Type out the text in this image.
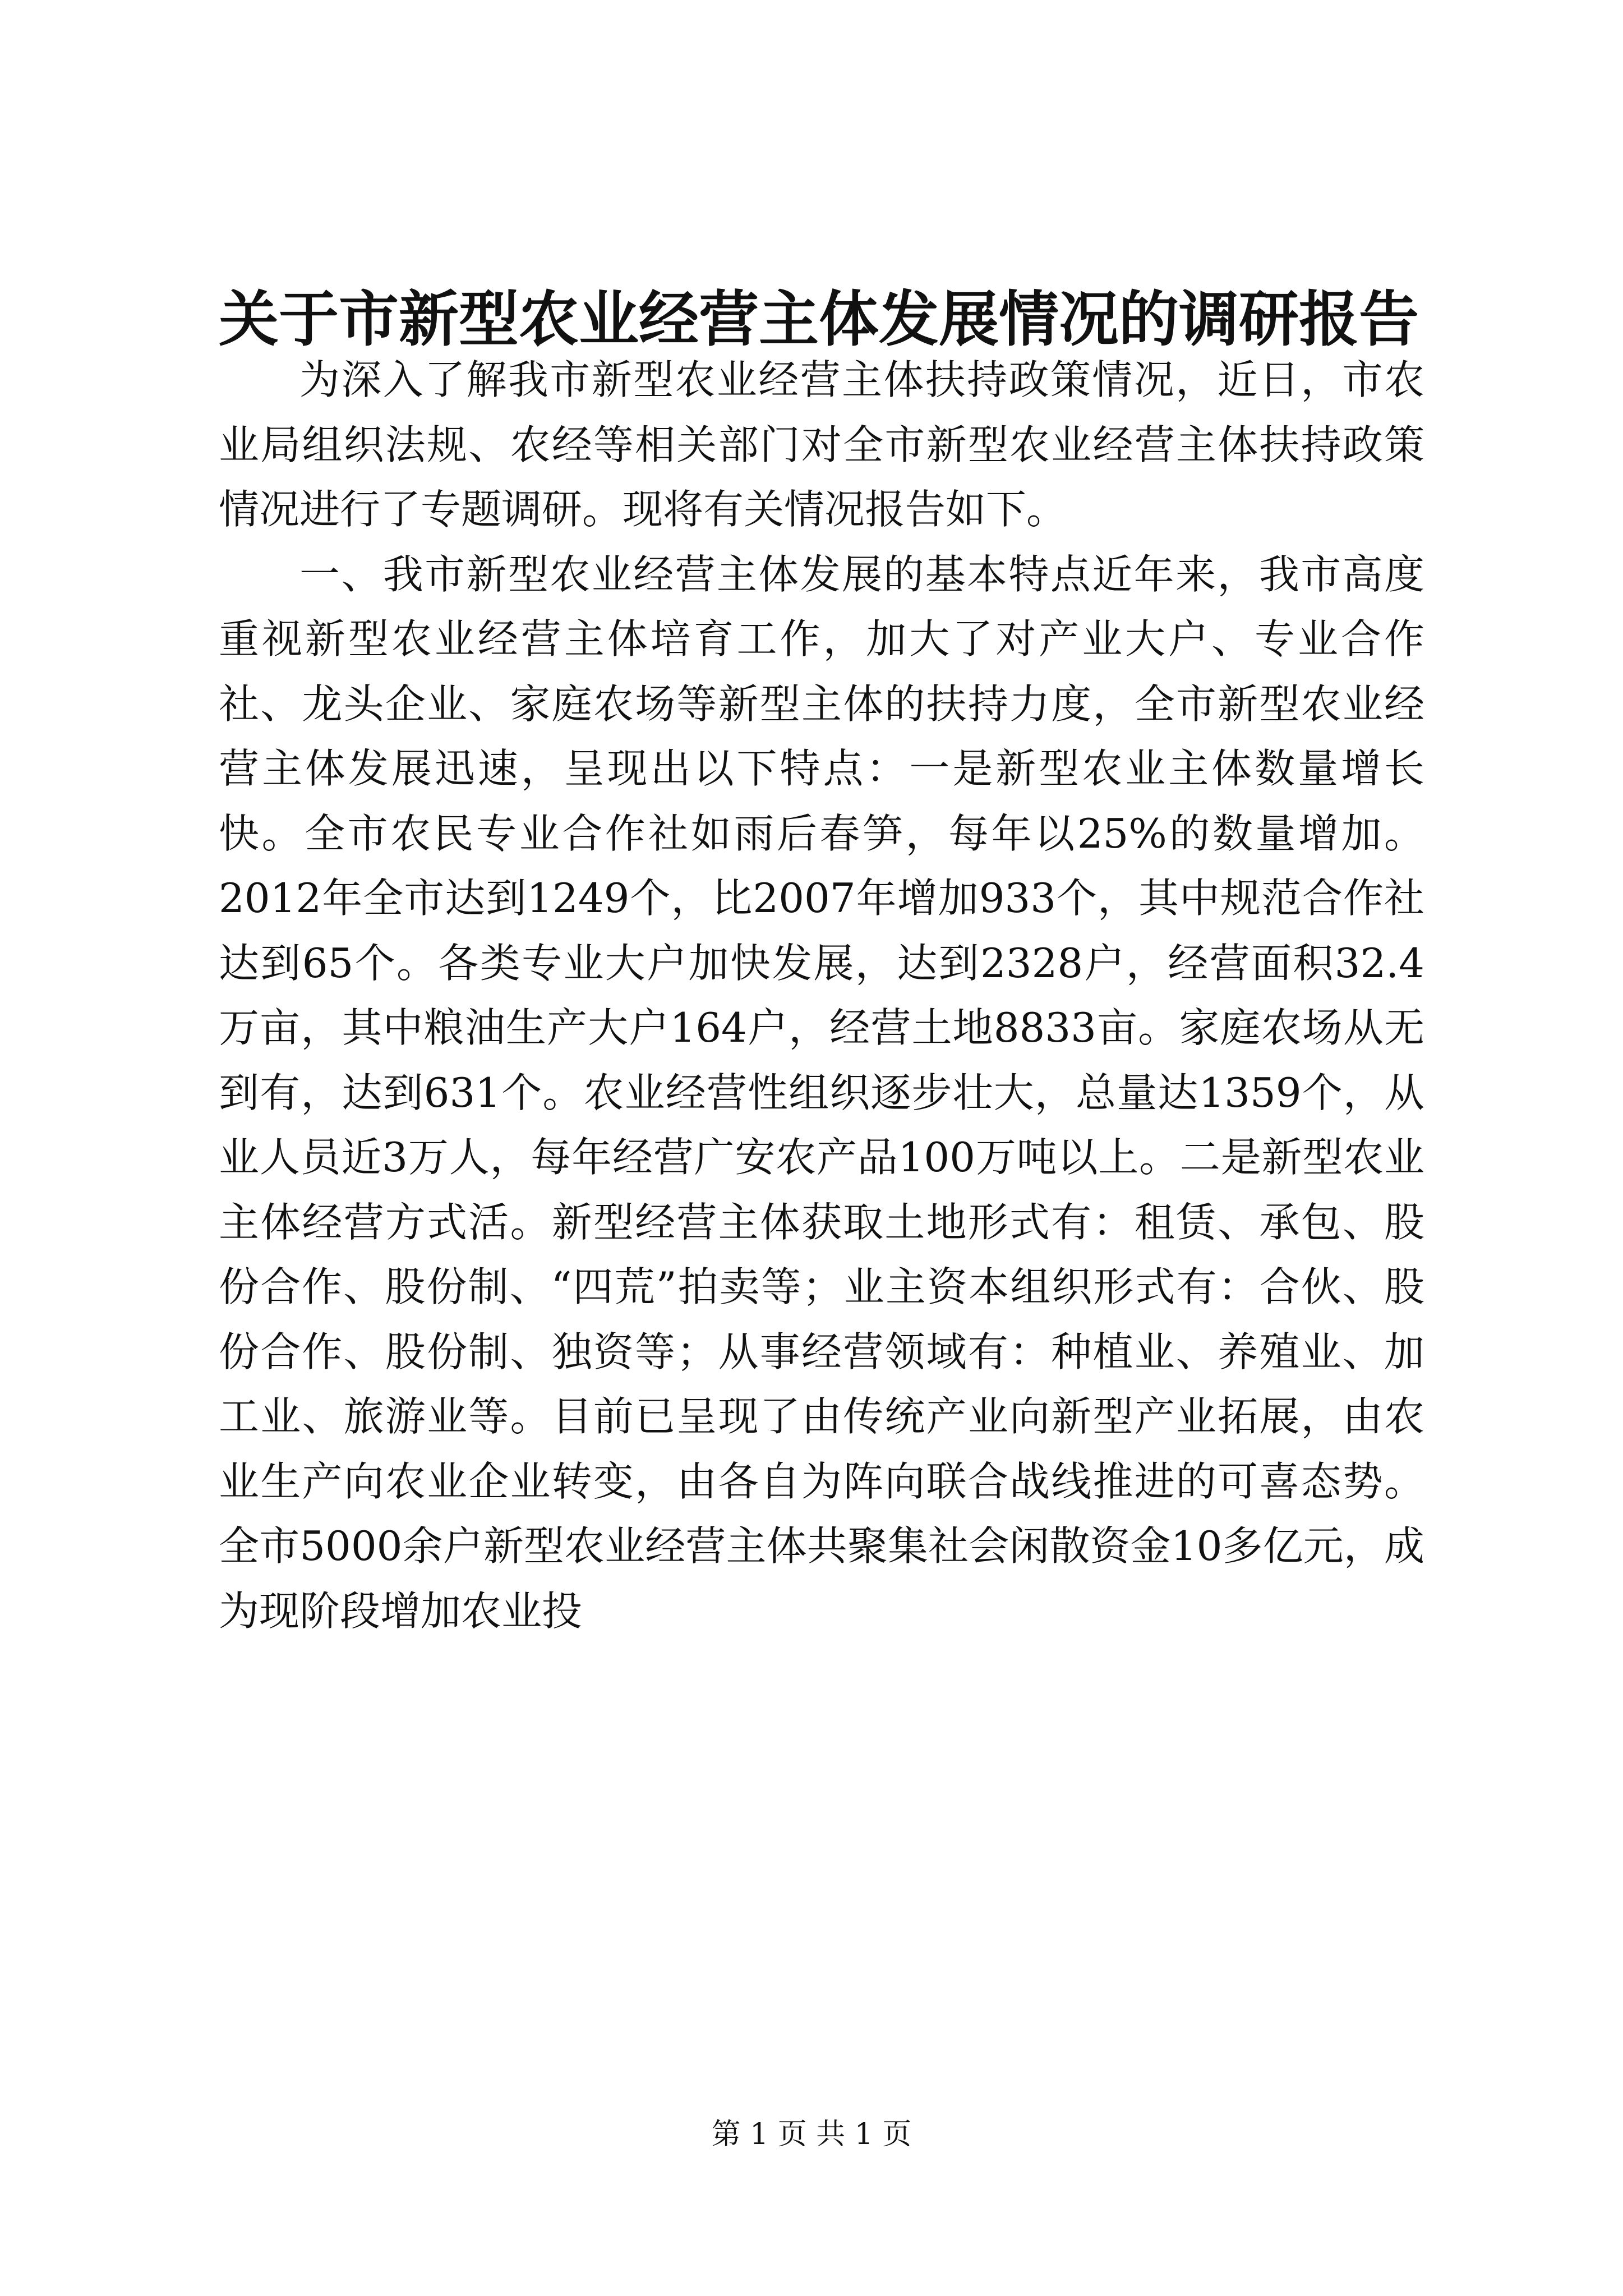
关于市新型农业经营主体发展情况的调研报告

为深入了解我市新型农业经营主体扶持政策情况，近日，市农业局组织法规、农经等相关部门对全市新型农业经营主体扶持政策情况进行了专题调研。现将有关情况报告如下。

一、我市新型农业经营主体发展的基本特点近年来，我市高度重视新型农业经营主体培育工作，加大了对产业大户、专业合作社、龙头企业、家庭农场等新型主体的扶持力度，全市新型农业经营主体发展迅速，呈现出以下特点：一是新型农业主体数量增长快。全市农民专业合作社如雨后春笋，每年以25%的数量增加。2012年全市达到1249个，比2007年增加933个，其中规范合作社达到65个。各类专业大户加快发展，达到2328户，经营面积32.4万亩，其中粮油生产大户164户，经营土地8833亩。家庭农场从无到有，达到631个。农业经营性组织逐步壮大，总量达1359个，从业人员近3万人，每年经营广安农产品100万吨以上。二是新型农业主体经营方式活。新型经营主体获取土地形式有：租赁、承包、股份合作、股份制、“四荒”拍卖等；业主资本组织形式有：合伙、股份合作、股份制、独资等；从事经营领域有：种植业、养殖业、加工业、旅游业等。目前已呈现了由传统产业向新型产业拓展，由农业生产向农业企业转变，由各自为阵向联合战线推进的可喜态势。全市5000余户新型农业经营主体共聚集社会闲散资金10多亿元，成为现阶段增加农业投

第 1 页 共 1 页
